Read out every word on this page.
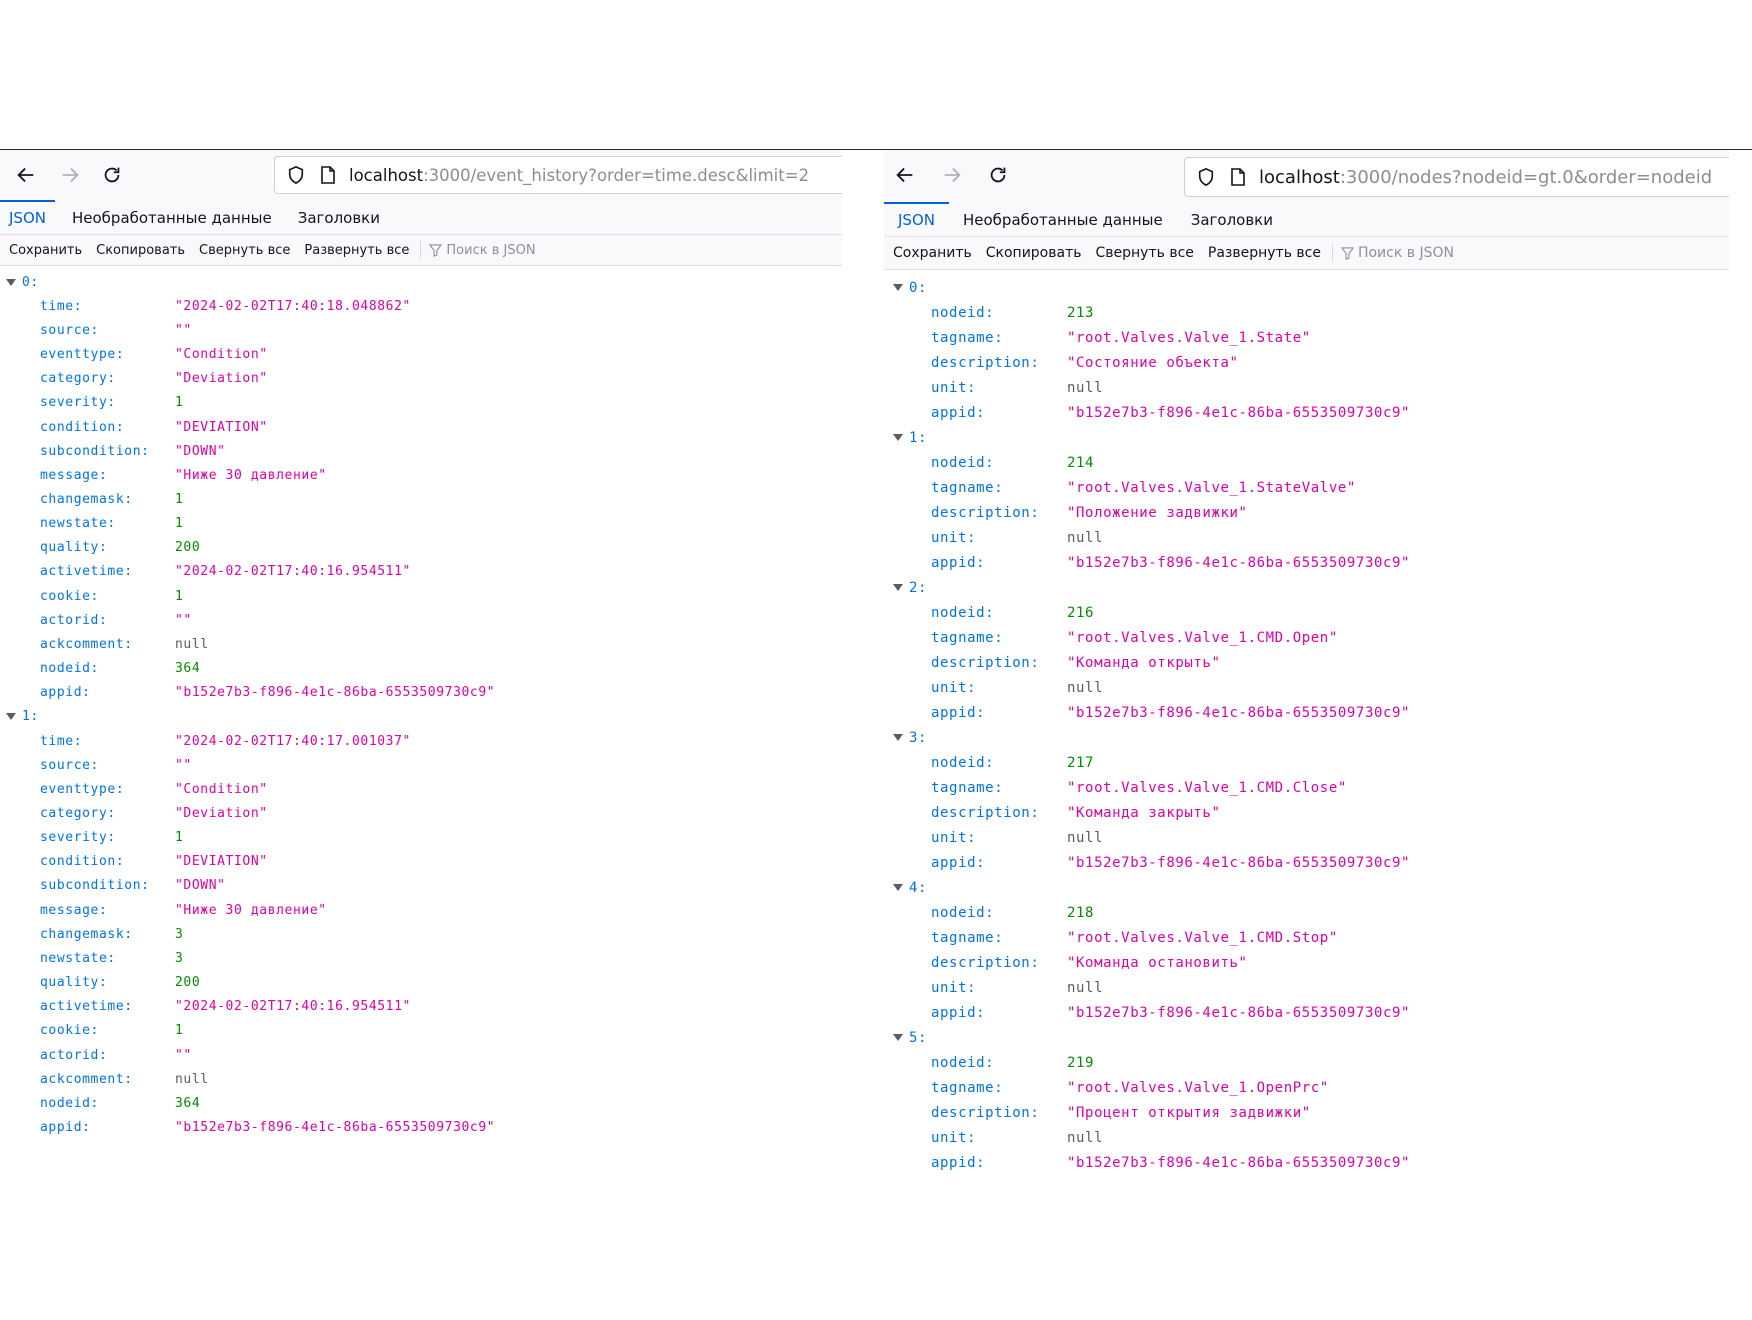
localhost:3000/event_history?order=time.desc&limit=2
JSON	Необработанные данные	Заголовки
Сохранить	Скопировать	Свернуть все	Развернуть все	Поиск в JSON
0:
time:	"2024-02-02T17:40:18.048862"
source:	""
eventtype:	"Condition"
category:	"Deviation"
severity:	1
condition:	"DEVIATION"
subcondition: "DOWN"
message:	"Ниже 30 давление"
changemask:	1
newstate:	1
quality:	200
activetime:	"2024-02-02T17:40:16.954511"
cookie:	1
actorid:	""
ackcomment:	null
nodeid:	364
appid:	"b152e7b3-f896-4e1c-86ba-6553509730c9"
1:
time:	"2024-02-02T17:40:17.001037"
source:	""
eventtype:	"Condition"
category:	"Deviation"
severity:	1
condition:	"DEVIATION"
subcondition: "DOWN"
message:	"Ниже 30 давление"
changemask:	3
newstate:	3
quality:	200
activetime:	"2024-02-02T17:40:16.954511"
cookie:	1
actorid:	""
ackcomment:	null
nodeid:	364
appid:	"b152e7b3-f896-4e1c-86ba-6553509730c9"
localhost:3000/nodes?nodeid=gt.0&order=nodeid
JSON	Необработанные данные	Заголовки
Сохранить	Скопировать	Свернуть все	Развернуть все	Поиск в JSON
0:
nodeid:	213
tagname:	"root.Valves.Valve_1.State"
description: "Состояние объекта"
unit:	null
appid:	"b152e7b3-f896-4e1c-86ba-6553509730c9"
1:
nodeid:	214
tagname:	"root.Valves.Valve_1.StateValve"
description: "Положение задвижки"
unit:	null
appid:	"b152e7b3-f896-4e1c-86ba-6553509730c9"
2:
nodeid:	216
tagname:	"root.Valves.Valve_1.CMD.Open"
description: "Команда открыть"
unit:	null
appid:	"b152e7b3-f896-4e1c-86ba-6553509730c9"
3:
nodeid:	217
tagname:	"root.Valves.Valve_1.CMD.Close"
description: "Команда закрыть"
unit:	null
appid:	"b152e7b3-f896-4e1c-86ba-6553509730c9"
4:
nodeid:	218
tagname:	"root.Valves.Valve_1.CMD.Stop"
description: "Команда остановить"
unit:	null
appid:	"b152e7b3-f896-4e1c-86ba-6553509730c9"
5:
nodeid:	219
tagname:	"root.Valves.Valve_1.OpenPrc"
description: "Процент открытия задвижки"
unit:	null
appid:	"b152e7b3-f896-4e1c-86ba-6553509730c9"
